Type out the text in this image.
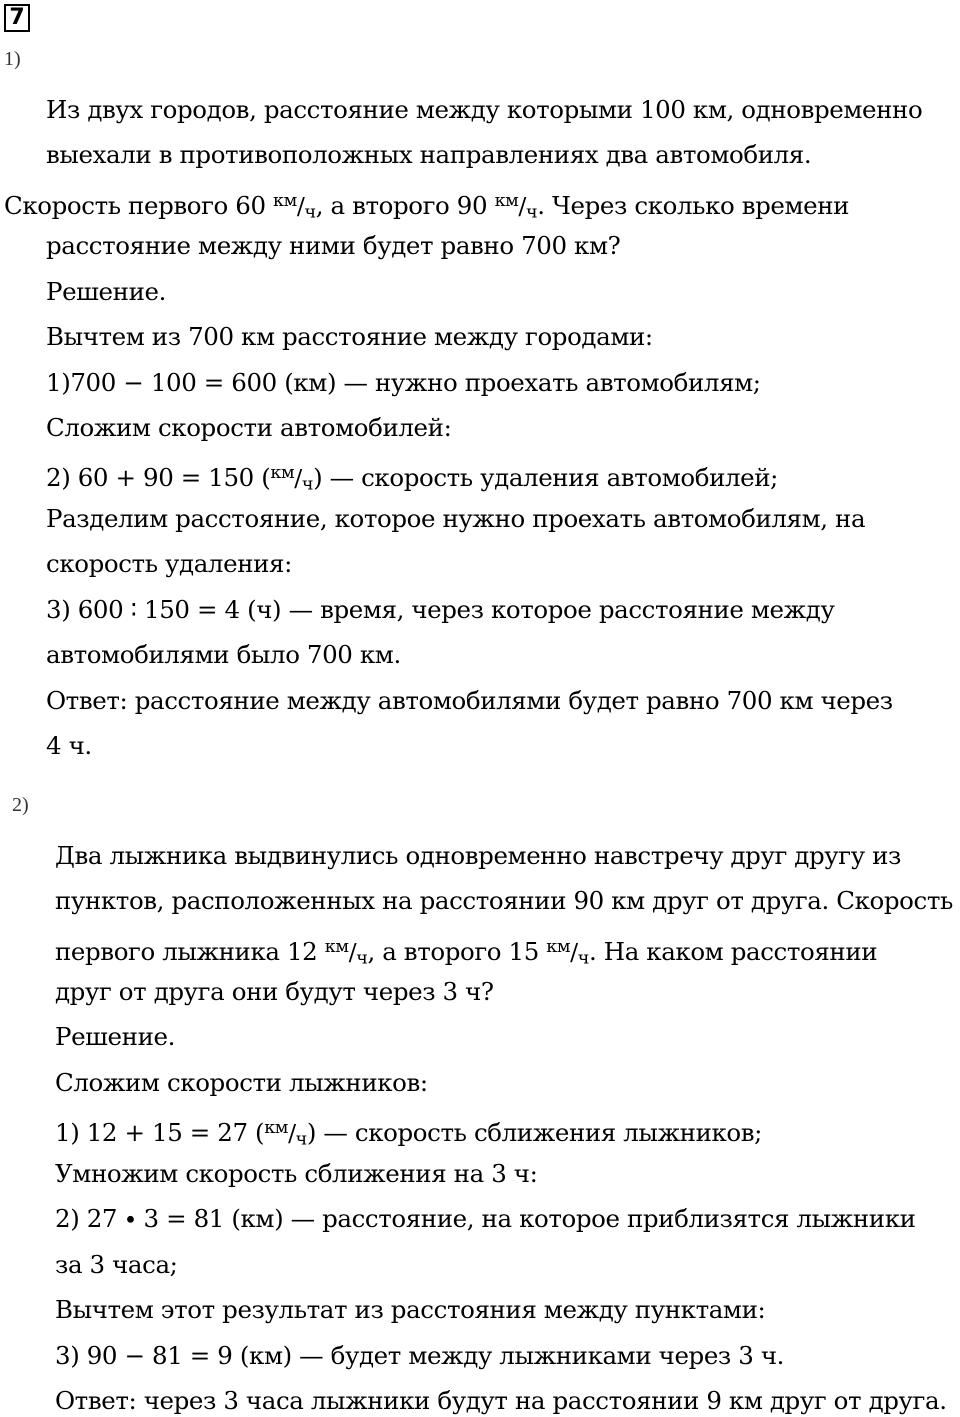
7
1)
Из двух городов, расстояние между которыми 100 км, одновременно
выехали в противоположных направлениях два автомобиля.
Скорость первого 60 $^{км}$/ч, а второго 90 $^{км}$/ч. Через сколько времени
расстояние между ними будет равно 700 км?
Решение.
Вычтем из 700 км расстояние между городами:
1)700 − 100 = 600 (км) — нужно проехать автомобилям;
Сложим скорости автомобилей:
2) 60 + 90 = 150 ($^{км}$/ч) — скорость удаления автомобилей;
Разделим расстояние, которое нужно проехать автомобилям, на
скорость удаления:
3) 600 ∶ 150 = 4 (ч) — время, через которое расстояние между
автомобилями было 700 км.
Ответ: расстояние между автомобилями будет равно 700 км через
4 ч.
2)
Два лыжника выдвинулись одновременно навстречу друг другу из
пунктов, расположенных на расстоянии 90 км друг от друга. Скорость
первого лыжника 12 $^{км}$/ч, а второго 15 $^{км}$/ч. На каком расстоянии
друг от друга они будут через 3 ч?
Решение.
Сложим скорости лыжников:
1) 12 + 15 = 27 ($^{км}$/ч) — скорость сближения лыжников;
Умножим скорость сближения на 3 ч:
2) 27 ∙ 3 = 81 (км) — расстояние, на которое приблизятся лыжники
за 3 часа;
Вычтем этот результат из расстояния между пунктами:
3) 90 − 81 = 9 (км) — будет между лыжниками через 3 ч.
Ответ: через 3 часа лыжники будут на расстоянии 9 км друг от друга.
